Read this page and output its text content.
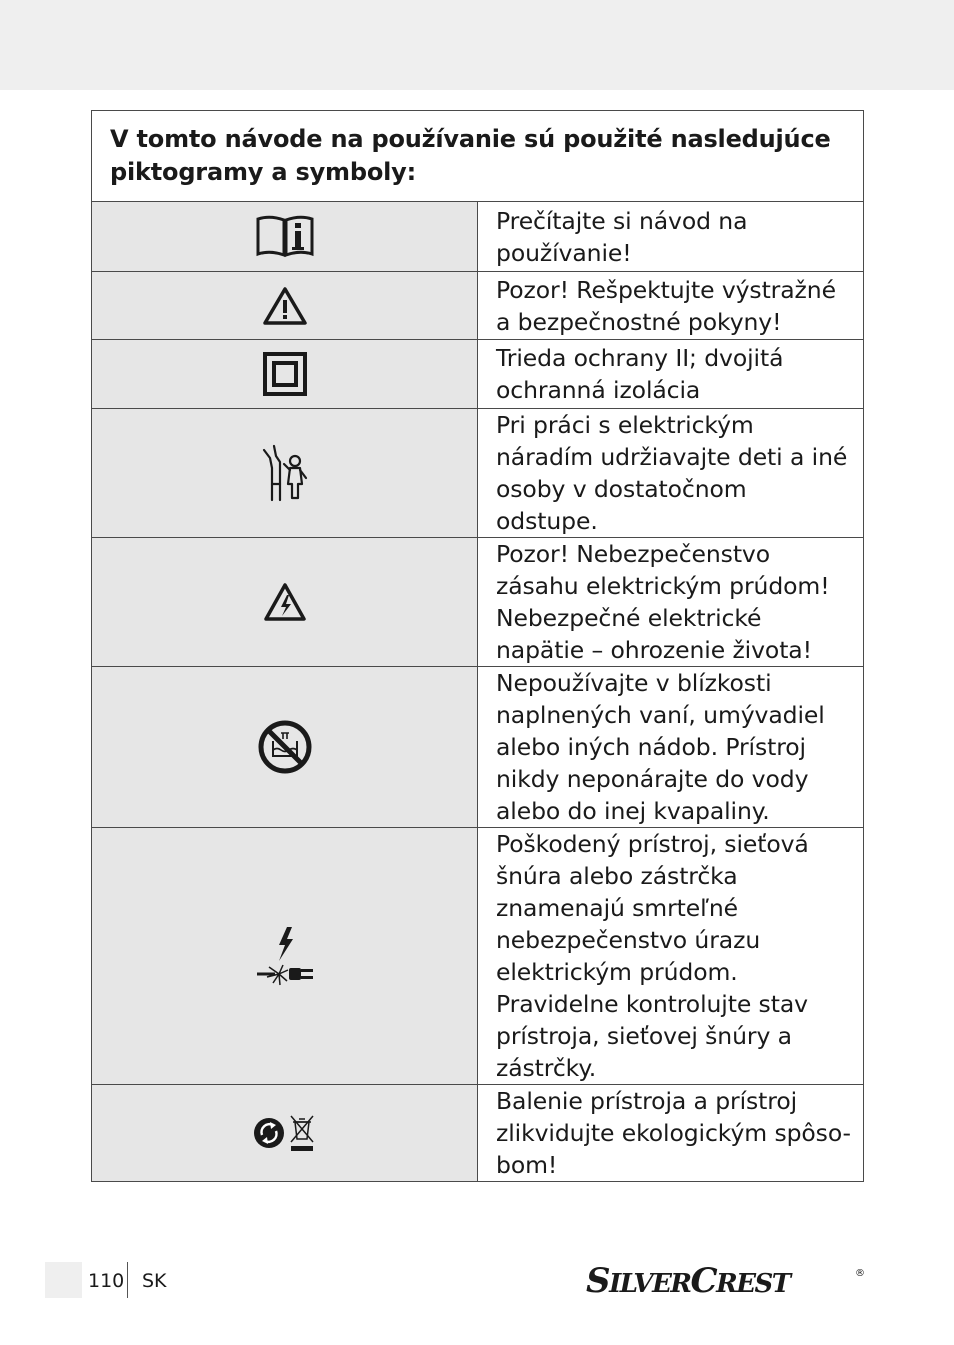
V tomto návode na používanie sú použité nasledujúce piktogramy a symboly:	

	Prečítajte si návod na používanie!

	Pozor! Rešpektujte výstražné a bezpečnostné pokyny!

	Trieda ochrany II; dvojitá ochranná izolácia

	Pri práci s elektrickým náradím udržiavajte deti a iné osoby v dostatočnom odstupe.

	Pozor! Nebezpečenstvo zásahu elektrickým prúdom! Nebezpečné elektrické napätie – ohrozenie života!

	Nepoužívajte v blízkosti naplnených vaní, umývadiel alebo iných nádob. Prístroj nikdy neponárajte do vody alebo do inej kvapaliny.

	Poškodený prístroj, sieťová šnúra alebo zástrčka znamenajú smrteľné nebezpečenstvo úrazu elektrickým prúdom. Pravidelne kontrolujte stav prístroja, sieťovej šnúry a zástrčky.

	Balenie prístroja a prístroj zlikvidujte ekologickým spôso-bom!
110 SK	SILVERCREST	®
